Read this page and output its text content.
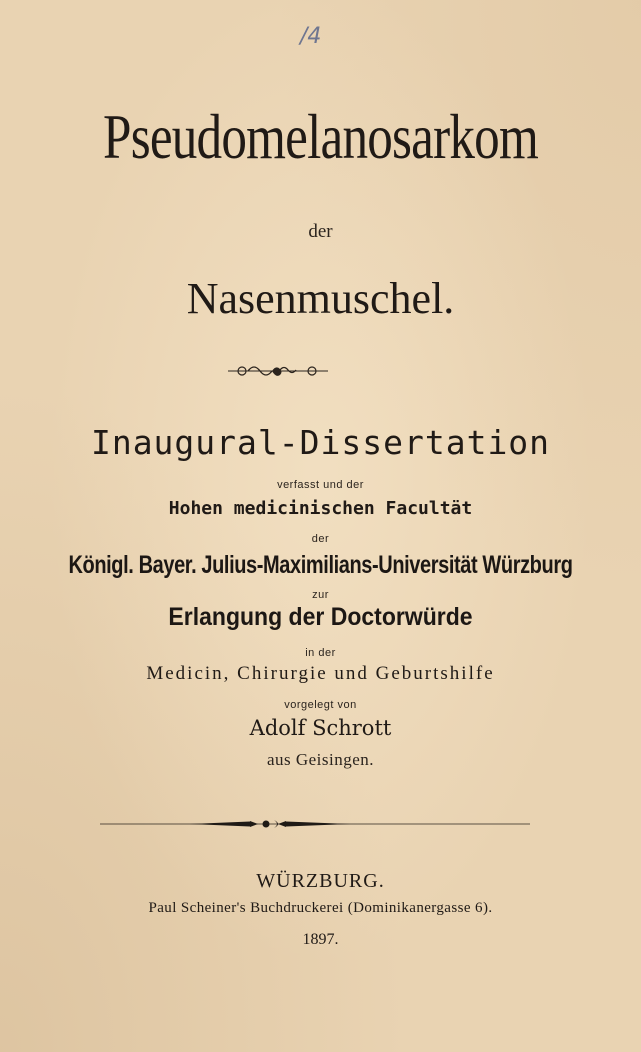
/4
Pseudomelanosarkom
der
Nasenmuschel.
Inaugural-Dissertation
verfasst und der
Hohen medicinischen Facultät
der
Königl. Bayer. Julius-Maximilians-Universität Würzburg
zur
Erlangung der Doctorwürde
in der
Medicin, Chirurgie und Geburtshilfe
vorgelegt von
Adolf Schrott
aus Geisingen.
WÜRZBURG.
Paul Scheiner's Buchdruckerei (Dominikanergasse 6).
1897.
